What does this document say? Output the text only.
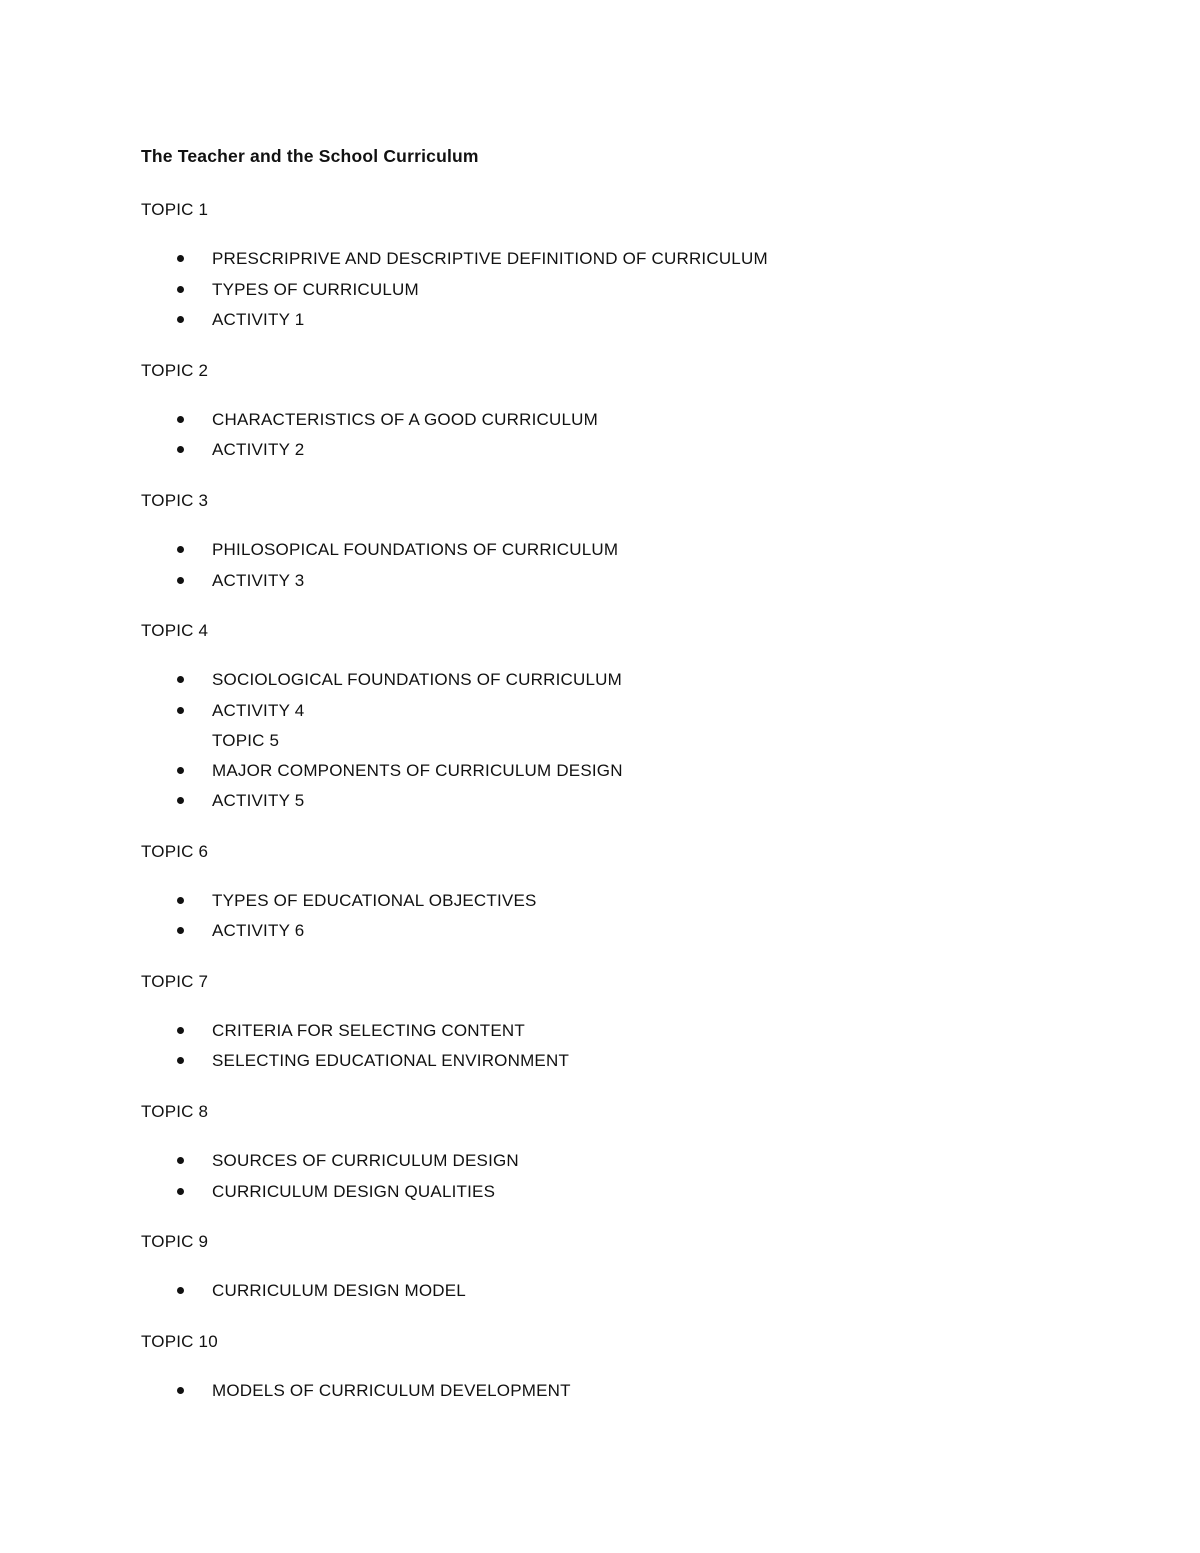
The Teacher and the School Curriculum
TOPIC 1
PRESCRIPRIVE AND DESCRIPTIVE DEFINITIOND OF CURRICULUM
TYPES OF CURRICULUM
ACTIVITY 1
TOPIC 2
CHARACTERISTICS OF A GOOD CURRICULUM
ACTIVITY 2
TOPIC 3
PHILOSOPICAL FOUNDATIONS OF CURRICULUM
ACTIVITY 3
TOPIC 4
SOCIOLOGICAL FOUNDATIONS OF CURRICULUM
ACTIVITY 4
TOPIC 5
MAJOR COMPONENTS OF CURRICULUM DESIGN
ACTIVITY 5
TOPIC 6
TYPES OF EDUCATIONAL OBJECTIVES
ACTIVITY 6
TOPIC 7
CRITERIA FOR SELECTING CONTENT
SELECTING EDUCATIONAL ENVIRONMENT
TOPIC 8
SOURCES OF CURRICULUM DESIGN
CURRICULUM DESIGN QUALITIES
TOPIC 9
CURRICULUM DESIGN MODEL
TOPIC 10
MODELS OF CURRICULUM DEVELOPMENT
